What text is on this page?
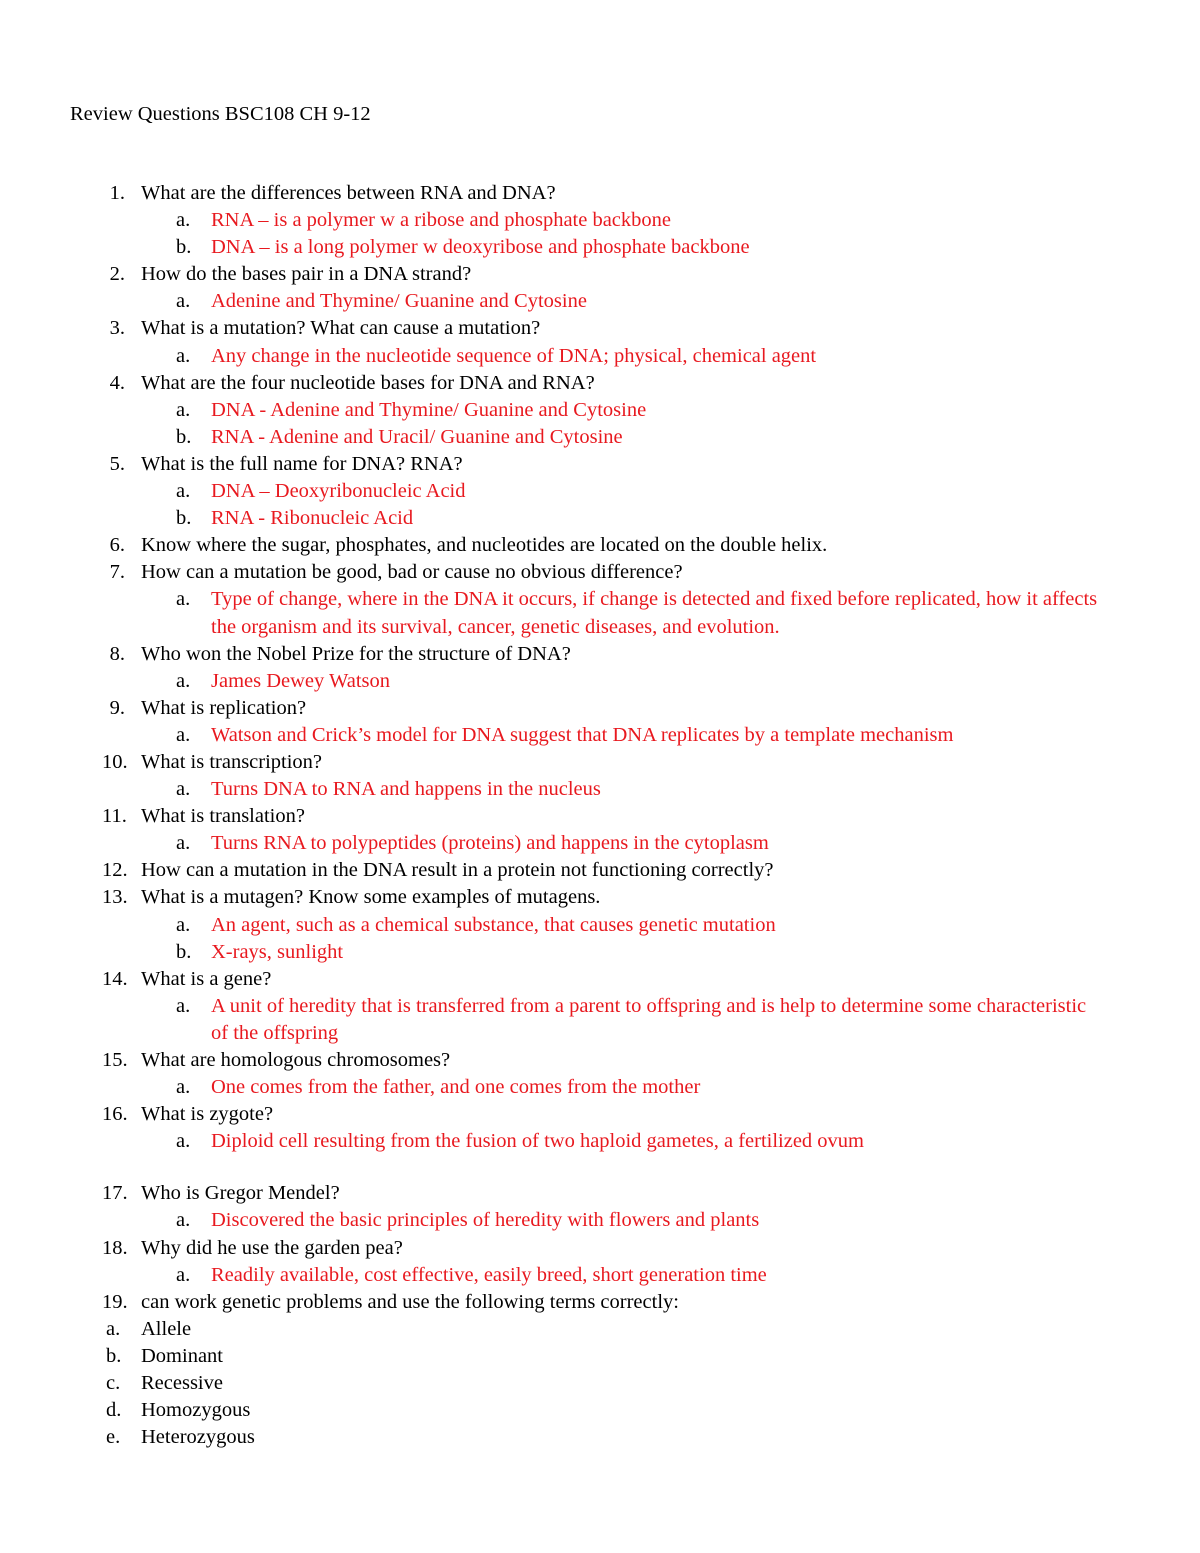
Review Questions BSC108 CH 9-12
1. What are the differences between RNA and DNA?
a. RNA – is a polymer w a ribose and phosphate backbone
b. DNA – is a long polymer w deoxyribose and phosphate backbone
2. How do the bases pair in a DNA strand?
a. Adenine and Thymine/ Guanine and Cytosine
3. What is a mutation? What can cause a mutation?
a. Any change in the nucleotide sequence of DNA; physical, chemical agent
4. What are the four nucleotide bases for DNA and RNA?
a. DNA - Adenine and Thymine/ Guanine and Cytosine
b. RNA - Adenine and Uracil/ Guanine and Cytosine
5. What is the full name for DNA? RNA?
a. DNA – Deoxyribonucleic Acid
b. RNA - Ribonucleic Acid
6. Know where the sugar, phosphates, and nucleotides are located on the double helix.
7. How can a mutation be good, bad or cause no obvious difference?
a. Type of change, where in the DNA it occurs, if change is detected and fixed before replicated, how it affects the organism and its survival, cancer, genetic diseases, and evolution.
8. Who won the Nobel Prize for the structure of DNA?
a. James Dewey Watson
9. What is replication?
a. Watson and Crick’s model for DNA suggest that DNA replicates by a template mechanism
10. What is transcription?
a. Turns DNA to RNA and happens in the nucleus
11. What is translation?
a. Turns RNA to polypeptides (proteins) and happens in the cytoplasm
12. How can a mutation in the DNA result in a protein not functioning correctly?
13. What is a mutagen? Know some examples of mutagens.
a. An agent, such as a chemical substance, that causes genetic mutation
b. X-rays, sunlight
14. What is a gene?
a. A unit of heredity that is transferred from a parent to offspring and is help to determine some characteristic of the offspring
15. What are homologous chromosomes?
a. One comes from the father, and one comes from the mother
16. What is zygote?
a. Diploid cell resulting from the fusion of two haploid gametes, a fertilized ovum
17. Who is Gregor Mendel?
a. Discovered the basic principles of heredity with flowers and plants
18. Why did he use the garden pea?
a. Readily available, cost effective, easily breed, short generation time
19. can work genetic problems and use the following terms correctly:
a. Allele
b. Dominant
c. Recessive
d. Homozygous
e. Heterozygous
